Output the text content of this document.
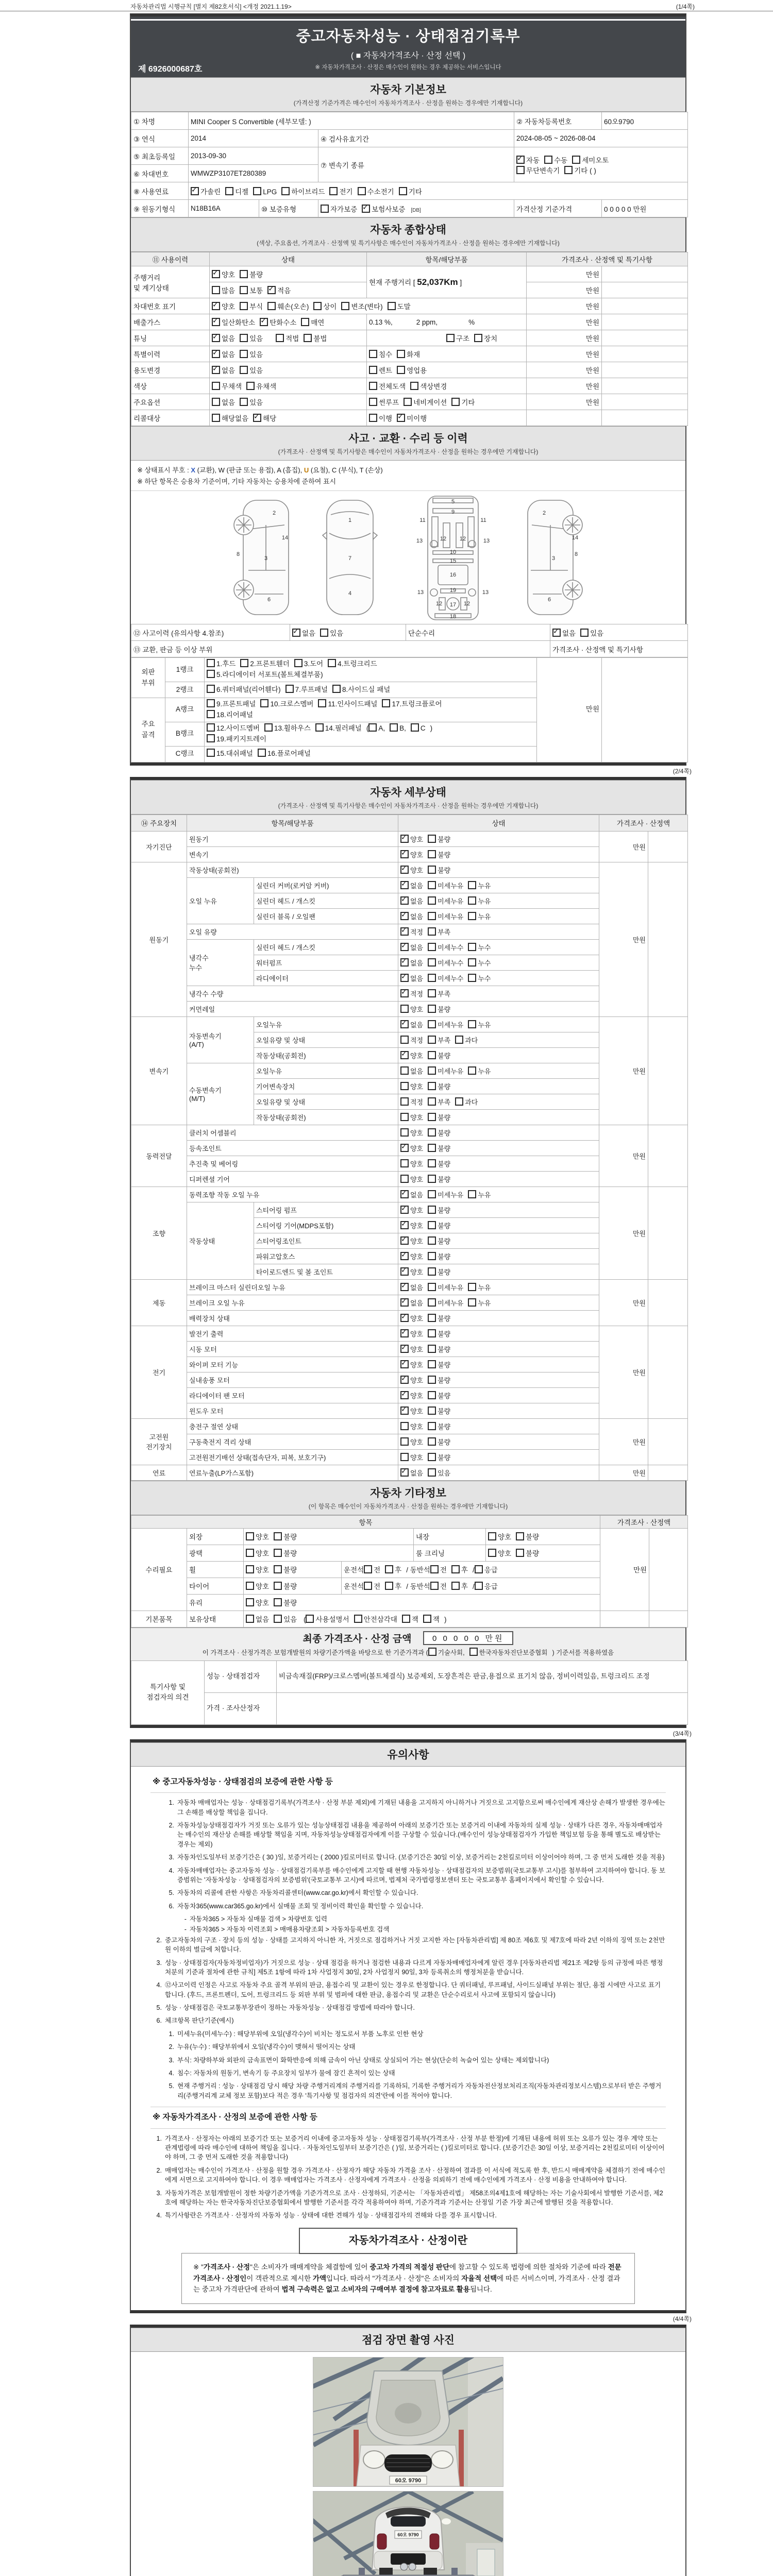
자동차관리법 시행규칙 [별지 제82호서식] <개정 2021.1.19>	(1/4쪽)
중고자동차성능 · 상태점검기록부
( ■ 자동차가격조사 · 산정 선택 )
※ 자동차가격조사 · 산정은 매수인이 원하는 경우 제공하는 서비스입니다
제 6926000687호
자동차 기본정보
(가격산정 기준가격은 매수인이 자동차가격조사 · 산정을 원하는 경우에만 기재합니다)
① 차명	MINI Cooper S Convertible (세부모델: )			② 자동차등록번호	60오9790
③ 연식	2014		④ 검사유효기간	2024-08-05 ~ 2026-08-04	
⑤ 최초등록일	2013-09-30		⑦ 변속기 종류	✓자동 수동 세미오토
무단변속기 기타 ( )
⑥ 차대번호	WMWZP3107ET280389				
⑧ 사용연료	✓가솔린 디젤 LPG 하이브리드 전기 수소전기 기타
⑨ 원동기형식	N18B16A	⑩ 보증유형	자가보증 ✓ 보험사보증 [DB]	가격산정 기준가격	0 0 0 0 0 만원
자동차 종합상태
(색상, 주요옵션, 가격조사 · 산정액 및 특기사항은 매수인이 자동차가격조사 · 산정을 원하는 경우에만 기재합니다)
⑪ 사용이력	상태	항목/해당부품	가격조사 · 산정액 및 특기사항	
주행거리
및 계기상태	✓양호 불량	현재 주행거리 [ 52,037Km ]	만원	
	많음 보통 ✓ 적음		만원	
차대번호 표기	✓양호 부식 훼손(오손) 상이 변조(변타) 도말		만원	
배출가스	✓일산화탄소 ✓ 탄화수소 매연	0.13 %, 2 ppm, %	만원	
튜닝	✓없음 있음 적법 불법	구조 장치	만원	
특별이력	✓없음 있음	침수 화재	만원	
용도변경	✓없음 있음	렌트 영업용	만원	
색상	무채색 유채색	전체도색 색상변경	만원	
주요옵션	없음 있음	썬루프 네비게이션 기타	만원	
리콜대상	해당없음 ✓ 해당	이행 ✓ 미이행		
사고 · 교환 · 수리 등 이력
(가격조사 · 산정액 및 특기사항은 매수인이 자동차가격조사 · 산정을 원하는 경우에만 기재합니다)
※ 상태표시 부호 : X (교환), W (판금 또는 용접), A (흠집), U (요철), C (부식), T (손상)
※ 하단 항목은 승용차 기준이며, 기타 자동차는 승용차에 준하여 표시
2
8
3
14
6
1
7
4
5
9
11	11
13	13
12 12
10
15
16
13	13
19
12	12
17
18
2
3
14
8
6
⑫ 사고이력 (유의사항 4.참조)	✓없음 있음	단순수리	✓없음 있음
⑬ 교환, 판금 등 이상 부위			가격조사 · 산정액 및 특기사항
외판
부위	1랭크	1.후드 2.프론트휀더 3.도어 4.트렁크리드
5.라디에이터 서포트(볼트체결부품)	만원	
	2랭크	6.쿼터패널(리어휀다) 7.루프패널 8.사이드실 패널		
주요
골격	A랭크	9.프론트패널 10.크로스멤버 11.인사이드패널 17.트렁크플로어
18.리어패널		
	B랭크	12.사이드멤버 13.휠하우스 14.필러패널 ( A, B, C )
19.패키지트레이		
	C랭크	15.대쉬패널 16.플로어패널		
(2/4쪽)
자동차 세부상태
(가격조사 · 산정액 및 특기사항은 매수인이 자동차가격조사 · 산정을 원하는 경우에만 기재합니다)
⑭ 주요장치	항목/해당부품		상태	가격조사 · 산정액	
자기진단	원동기	✓양호 불량	만원	
	변속기	✓양호 불량
원동기	작동상태(공회전)	✓양호 불량	만원	
	오일 누유	실린더 커버(로커암 커버)	✓없음 미세누유 누유
		실린더 헤드 / 개스킷	✓없음 미세누유 누유
		실린더 블록 / 오일팬	✓없음 미세누유 누유
	오일 유량	✓적정 부족
	냉각수
누수	실린더 헤드 / 개스킷	✓없음 미세누수 누수
		워터펌프	✓없음 미세누수 누수
		라디에이터	✓없음 미세누수 누수
	냉각수 수량	✓적정 부족
	커먼레일		양호 불량		
변속기	자동변속기
(A/T)	오일누유	✓없음 미세누유 누유	만원	
		오일유량 및 상태	적정 부족 과다		
		작동상태(공회전)	✓양호 불량
	수동변속기
(M/T)	오일누유	없음 미세누유 누유		
		기어변속장치	양호 불량		
		오일유량 및 상태	적정 부족 과다		
		작동상태(공회전)	양호 불량		
동력전달	클러치 어셈블리		양호 불량	만원	
	등속조인트	✓양호 불량
	추진축 및 베어링		양호 불량		
	디퍼렌셜 기어		양호 불량		
조향	동력조향 작동 오일 누유	✓없음 미세누유 누유	만원	
	작동상태	스티어링 펌프	✓양호 불량
		스티어링 기어(MDPS포함)	✓양호 불량
		스티어링조인트	✓양호 불량
		파워고압호스	✓양호 불량
		타이로드엔드 및 볼 조인트	✓양호 불량
제동	브레이크 마스터 실린더오일 누유	✓없음 미세누유 누유	만원	
	브레이크 오일 누유	✓없음 미세누유 누유
	배력장치 상태	✓양호 불량
전기	발전기 출력	✓양호 불량	만원	
	시동 모터	✓양호 불량
	와이퍼 모터 기능	✓양호 불량
	실내송풍 모터	✓양호 불량
	라디에이터 팬 모터	✓양호 불량
	윈도우 모터	✓양호 불량
고전원
전기장치	충전구 절연 상태		양호 불량	만원	
	구동축전지 격리 상태		양호 불량		
	고전원전기배선 상태(접속단자, 피복, 보호기구)		양호 불량		
연료	연료누출(LP가스포함)	✓없음 있음	만원	
자동차 기타정보
(이 항목은 매수인이 자동차가격조사 · 산정을 원하는 경우에만 기재합니다)
항목						가격조사 · 산정액	
수리필요	외장	양호 불량		내장	양호 불량	만원	
	광택	양호 불량		룸 크리닝	양호 불량		
	휠	양호 불량	운전석 전 후 / 동반석 전 후 / 응급				
	타이어	양호 불량	운전석 전 후 / 동반석 전 후 / 응급				
	유리	양호 불량					
기본품목	보유상태	없음 있음 ( 사용설명서 안전삼각대 잭 잭 )					
최종 가격조사 · 산정 금액	0 0 0 0 0 만원
이 가격조사 · 산정가격은 보험개발원의 차량기준가액을 바탕으로 한 기준가격과 ( 기술사회, 한국자동차진단보증협회 ) 기준서를 적용하였음
특기사항 및
점검자의 의견	성능 · 상태점검자	비금속재질(FRP)/크로스멤버(볼트체결식) 보증제외, 도장흔적은 판금,용접으로 표기치 않음, 정비이력있음, 트렁크리드 조정
	가격 · 조사산정자	
(3/4쪽)
유의사항
※ 중고자동차성능 · 상태점검의 보증에 관한 사항 등
1. 자동차 매매업자는 성능 · 상태점검기록부(가격조사 · 산정 부분 제외)에 기재된 내용을 고지하지 아니하거나 거짓으로 고지함으로써 매수인에게 재산상 손해가 발생한 경우에는 그 손해를 배상할 책임을 집니다.
2. 자동차성능상태점검자가 거짓 또는 오류가 있는 성능상태점검 내용을 제공하여 아래의 보증기간 또는 보증거리 이내에 자동차의 실제 성능 · 상태가 다른 경우, 자동차매매업자는 매수인의 재산상 손해를 배상할 책임을 지며, 자동차성능상태점검자에게 이를 구상할 수 있습니다.(매수인이 성능상태점검자가 가입한 책임보험 등을 통해 별도로 배상받는 경우는 제외)
3. 자동차인도일부터 보증기간은 ( 30 )일, 보증거리는 ( 2000 )킬로미터로 합니다. (보증기간은 30일 이상, 보증거리는 2천킬로미터 이상이어야 하며, 그 중 먼저 도래한 것을 적용)
4. 자동차매매업자는 중고자동차 성능 · 상태점검기록부를 매수인에게 고지할 때 현행 자동차성능 · 상태점검자의 보증범위(국토교통부 고시)를 첨부하여 고지하여야 합니다. 동 보증범위는 '자동차성능 · 상태점검자의 보증범위'(국토교통부 고시)에 따르며, 법제처 국가법령정보센터 또는 국토교통부 홈페이지에서 확인할 수 있습니다.
5. 자동차의 리콜에 관한 사항은 자동차리콜센터(www.car.go.kr)에서 확인할 수 있습니다.
6. 자동차365(www.car365.go.kr)에서 실매물 조회 및 정비이력 확인을 확인할 수 있습니다.
- 자동차365 > 자동차 실매물 검색 > 차량번호 입력
- 자동차365 > 자동차 이력조회 > 매매용차량조회 > 자동차등록번호 검색
2. 중고자동차의 구조 · 장치 등의 성능 · 상태를 고지하지 아니한 자, 거짓으로 점검하거나 거짓 고지한 자는 [자동차관리법] 제 80조 제6호 및 제7호에 따라 2년 이하의 징역 또는 2천만원 이하의 벌금에 처합니다.
3. 성능 · 상태점검자(자동차정비업자)가 거짓으로 성능 · 상태 점검을 하거나 점검한 내용과 다르게 자동차매매업자에게 알린 경우 [자동차관리법 제21조 제2항 등의 규정에 따른 행정처분의 기준과 절차에 관한 규칙] 제5조 1항에 따라 1차 사업정지 30일, 2차 사업정지 90일, 3차 등록취소의 행정처분을 받습니다.
4. ⑫사고이력 인정은 사고로 자동차 주요 골격 부위의 판금, 용접수리 및 교환이 있는 경우로 한정합니다. 단 쿼터패널, 루프패널, 사이드실패널 부위는 절단, 용접 시에만 사고로 표기합니다. (후드, 프론트펜더, 도어, 트렁크리드 등 외판 부위 및 범퍼에 대한 판금, 용접수리 및 교환은 단순수리로서 사고에 포함되지 않습니다)
5. 성능 · 상태점검은 국토교통부장관이 정하는 자동차성능 · 상태점검 방법에 따라야 합니다.
6. 체크항목 판단기준(예시)
1. 미세누유(미세누수) : 해당부위에 오일(냉각수)이 비치는 정도로서 부품 노후로 인한 현상
2. 누유(누수) : 해당부위에서 오일(냉각수)이 맺혀서 떨어지는 상태
3. 부식: 차량하부와 외판의 금속표면이 화학반응에 의해 금속이 아닌 상태로 상실되어 가는 현상(단순히 녹슬어 있는 상태는 제외합니다)
4. 침수: 자동차의 원동기, 변속기 등 주요장치 일부가 물에 잠긴 흔적이 있는 상태
5. 현재 주행거리 : 성능 · 상태점검 당시 해당 차량 주행거리계의 주행거리를 기록하되, 기록한 주행거리가 자동차전산정보처리조직(자동차관리정보시스템)으로부터 받은 주행거리(주행거리계 교체 정보 포함)보다 적은 경우 '특기사항 및 점검자의 의견'란에 이를 적어야 합니다.
※ 자동차가격조사 · 산정의 보증에 관한 사항 등
1. 가격조사 · 산정자는 아래의 보증기간 또는 보증거리 이내에 중고자동차 성능 · 상태점검기록부(가격조사 · 산정 부분 한정)에 기재된 내용에 허위 또는 오류가 있는 경우 계약 또는 관계법령에 따라 매수인에 대하여 책임을 집니다. · 자동차인도일부터 보증기간은 ( )일, 보증거리는 ( )킬로미터로 합니다. (보증기간은 30일 이상, 보증거리는 2천킬로미터 이상이어야 하며, 그 중 먼저 도래한 것을 적용합니다)
2. 매매업자는 매수인이 가격조사 · 산정을 원할 경우 가격조사 · 산정자가 해당 자동차 가격을 조사 · 산정하여 결과를 이 서식에 적도록 한 후, 반드시 매매계약을 체결하기 전에 매수인에게 서면으로 고지하여야 합니다. 이 경우 매매업자는 가격조사 · 산정자에게 가격조사 · 산정을 의뢰하기 전에 매수인에게 가격조사 · 산정 비용을 안내하여야 합니다.
3. 자동차가격은 보험개발원이 정한 차량기준가액을 기준가격으로 조사 · 산정하되, 기준서는 「자동차관리법」 제58조의4제1호에 해당하는 자는 기술사회에서 발행한 기준서를, 제2호에 해당하는 자는 한국자동차진단보증협회에서 발행한 기준서를 각각 적용하여야 하며, 기준가격과 기준서는 산정일 기준 가장 최근에 발행된 것을 적용합니다.
4. 특기사항란은 가격조사 · 산정자의 자동차 성능 · 상태에 대한 견해가 성능 · 상태점검자의 견해와 다를 경우 표시합니다.
자동차가격조사 · 산정이란
※ "가격조사 · 산정"은 소비자가 매매계약을 체결함에 있어 중고차 가격의 적절성 판단에 참고할 수 있도록 법령에 의한 절차와 기준에 따라 전문 가격조사 · 산정인이 객관적으로 제시한 가액입니다. 따라서 "가격조사 · 산정"은 소비자의 자율적 선택에 따른 서비스이며, 가격조사 · 산정 결과는 중고차 가격판단에 관하여 법적 구속력은 없고 소비자의 구매여부 결정에 참고자료로 활용됩니다.
(4/4쪽)
점검 장면 촬영 사진
60오 9790
60오 9790
